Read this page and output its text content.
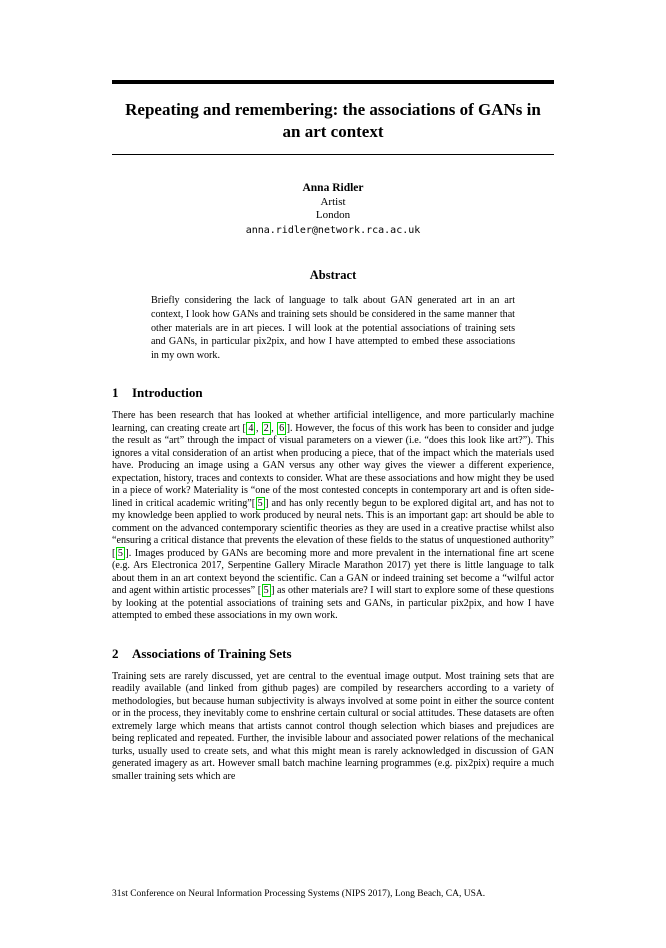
Repeating and remembering: the associations of GANs in an art context
Anna Ridler
Artist
London
anna.ridler@network.rca.ac.uk
Abstract

Briefly considering the lack of language to talk about GAN generated art in an art context, I look how GANs and training sets should be considered in the same manner that other materials are in art pieces. I will look at the potential associations of training sets and GANs, in particular pix2pix, and how I have attempted to embed these associations in my own work.

1 Introduction

There has been research that has looked at whether artificial intelligence, and more particularly machine learning, can creating create art [ 4 , 2 , 6 ]. However, the focus of this work has been to consider and judge the result as “art” through the impact of visual parameters on a viewer (i.e. “does this look like art?”). This ignores a vital consideration of an artist when producing a piece, that of the impact which the materials used have. Producing an image using a GAN versus any other way gives the viewer a different experience, expectation, history, traces and contexts to consider. What are these associations and how might they be used in a piece of work? Materiality is “one of the most contested concepts in contemporary art and is often side-lined in critical academic writing”[ 5 ] and has only recently begun to be explored digital art, and has not to my knowledge been applied to work produced by neural nets. This is an important gap: art should be able to comment on the advanced contemporary scientific theories as they are used in a creative practise whilst also “ensuring a critical distance that prevents the elevation of these fields to the status of unquestioned authority” [ 5 ]. Images produced by GANs are becoming more and more prevalent in the international fine art scene (e.g. Ars Electronica 2017, Serpentine Gallery Miracle Marathon 2017) yet there is little language to talk about them in an art context beyond the scientific. Can a GAN or indeed training set become a “wilful actor and agent within artistic processes” [ 5 ] as other materials are? I will start to explore some of these questions by looking at the potential associations of training sets and GANs, in particular pix2pix, and how I have attempted to embed these associations in my own work.

2 Associations of Training Sets

Training sets are rarely discussed, yet are central to the eventual image output. Most training sets that are readily available (and linked from github pages) are compiled by researchers according to a variety of methodologies, but because human subjectivity is always involved at some point in either the source content or in the process, they inevitably come to enshrine certain cultural or social attitudes. These datasets are often extremely large which means that artists cannot control though selection which biases and prejudices are being replicated and repeated. Further, the invisible labour and associated power relations of the mechanical turks, usually used to create sets, and what this might mean is rarely acknowledged in discussion of GAN generated imagery as art. However small batch machine learning programmes (e.g. pix2pix) require a much smaller training sets which are

31st Conference on Neural Information Processing Systems (NIPS 2017), Long Beach, CA, USA.
